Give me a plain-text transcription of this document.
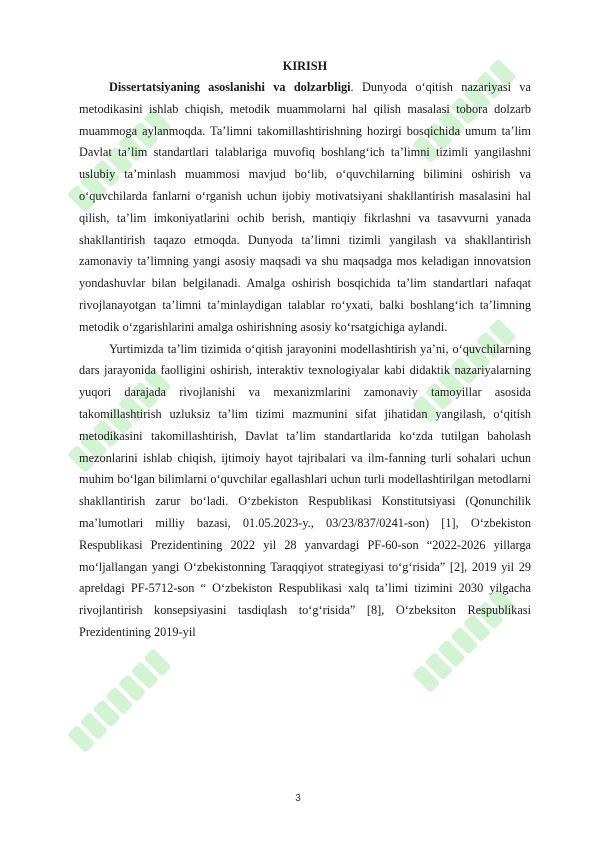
KIRISH

Dissertatsiyaning asoslanishi va dolzarbligi. Dunyoda o‘qitish nazariyasi va metodikasini ishlab chiqish, metodik muammolarni hal qilish masalasi tobora dolzarb muammoga aylanmoqda. Ta’limni takomillashtirishning hozirgi bosqichida umum ta’lim Davlat ta’lim standartlari talablariga muvofiq boshlang‘ich ta’limni tizimli yangilashni uslubiy ta’minlash muammosi mavjud bo‘lib, o‘quvchilarning bilimini oshirish va o‘quvchilarda fanlarni o‘rganish uchun ijobiy motivatsiyani shakllantirish masalasini hal qilish, ta’lim imkoniyatlarini ochib berish, mantiqiy fikrlashni va tasavvurni yanada shakllantirish taqazo etmoqda. Dunyoda ta’limni tizimli yangilash va shakllantirish zamonaviy ta’limning yangi asosiy maqsadi va shu maqsadga mos keladigan innovatsion yondashuvlar bilan belgilanadi. Amalga oshirish bosqichida ta’lim standartlari nafaqat rivojlanayotgan ta’limni ta’minlaydigan talablar ro‘yxati, balki boshlang‘ich ta’limning metodik o‘zgarishlarini amalga oshirishning asosiy ko‘rsatgichiga aylandi.

Yurtimizda ta’lim tizimida o‘qitish jarayonini modellashtirish ya’ni, o‘quvchilarning dars jarayonida faolligini oshirish, interaktiv texnologiyalar kabi didaktik nazariyalarning yuqori darajada rivojlanishi va mexanizmlarini zamonaviy tamoyillar asosida takomillashtirish uzluksiz ta’lim tizimi mazmunini sifat jihatidan yangilash, o‘qitish metodikasini takomillashtirish, Davlat ta’lim standartlarida ko‘zda tutilgan baholash mezonlarini ishlab chiqish, ijtimoiy hayot tajribalari va ilm-fanning turli sohalari uchun muhim bo‘lgan bilimlarni o‘quvchilar egallashlari uchun turli modellashtirilgan metodlarni shakllantirish zarur bo‘ladi. O‘zbekiston Respublikasi Konstitutsiyasi (Qonunchilik ma’lumotlari milliy bazasi, 01.05.2023-y., 03/23/837/0241-son) [1], O‘zbekiston Respublikasi Prezidentining 2022 yil 28 yanvardagi PF-60-son “2022-2026 yillarga mo‘ljallangan yangi O‘zbekistonning Taraqqiyot strategiyasi to‘g‘risida” [2], 2019 yil 29 apreldagi PF-5712-son “ O‘zbekiston Respublikasi xalq ta’limi tizimini 2030 yilgacha rivojlantirish konsepsiyasini tasdiqlash to‘g‘risida” [8], O‘zbeksiton Respublikasi Prezidentining 2019-yil

3
